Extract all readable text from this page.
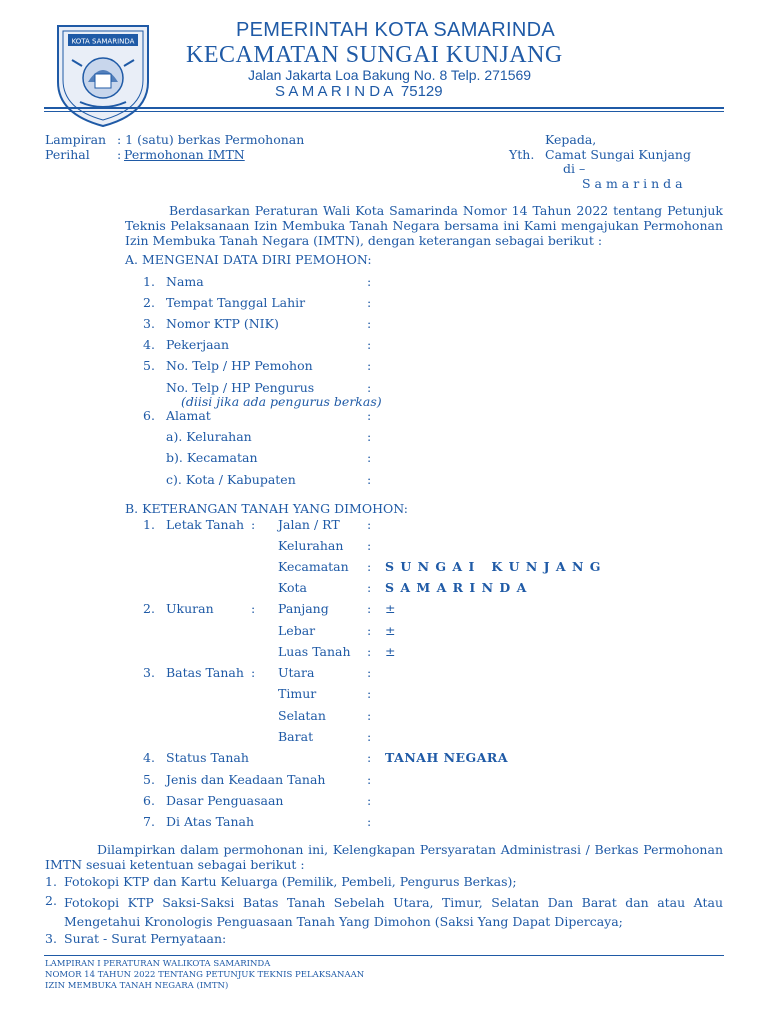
KOTA SAMARINDA
PEMERINTAH KOTA SAMARINDA
KECAMATAN SUNGAI KUNJANG
Jalan Jakarta Loa Bakung No. 8 Telp. 271569
S A M A R I N D A  75129
Lampiran : 1 (satu) berkas Permohonan
Perihal : Permohonan IMTN
Kepada,
Yth. Camat Sungai Kunjang
di –
S a m a r i n d a
Berdasarkan Peraturan Wali Kota Samarinda Nomor 14 Tahun 2022 tentang Petunjuk Teknis Pelaksanaan Izin Membuka Tanah Negara bersama ini Kami mengajukan Permohonan Izin Membuka Tanah Negara (IMTN), dengan keterangan sebagai berikut :
A. MENGENAI DATA DIRI PEMOHON:
1. Nama	:
2. Tempat Tanggal Lahir	:
3. Nomor KTP (NIK)	:
4. Pekerjaan	:
5. No. Telp / HP Pemohon	:
No. Telp / HP Pengurus	:
6. Alamat	:
a). Kelurahan	:
b). Kecamatan	:
c). Kota / Kabupaten	:
(diisi jika ada pengurus berkas)
B. KETERANGAN TANAH YANG DIMOHON:
1. Letak Tanah : Jalan / RT :
Kelurahan :
Kecamatan : S U N G A I   K U N J A N G
Kota	: S A M A R I N D A
2. Ukuran	: Panjang	: ±
Lebar	: ±
Luas Tanah : ±
3. Batas Tanah : Utara	:
Timur	:
Selatan	:
Barat	:
4. Status Tanah	: TANAH NEGARA
5. Jenis dan Keadaan Tanah	:
6. Dasar Penguasaan	:
7. Di Atas Tanah	:
Dilampirkan dalam permohonan ini, Kelengkapan Persyaratan Administrasi / Berkas Permohonan IMTN sesuai ketentuan sebagai berikut :
1. Fotokopi KTP dan Kartu Keluarga (Pemilik, Pembeli, Pengurus Berkas);
2. Fotokopi KTP Saksi-Saksi Batas Tanah Sebelah Utara, Timur, Selatan Dan Barat dan atau Atau Mengetahui Kronologis Penguasaan Tanah Yang Dimohon (Saksi Yang Dapat Dipercaya;
3. Surat - Surat Pernyataan:
LAMPIRAN I PERATURAN WALIKOTA SAMARINDA
NOMOR 14 TAHUN 2022 TENTANG PETUNJUK TEKNIS PELAKSANAAN
IZIN MEMBUKA TANAH NEGARA (IMTN)
